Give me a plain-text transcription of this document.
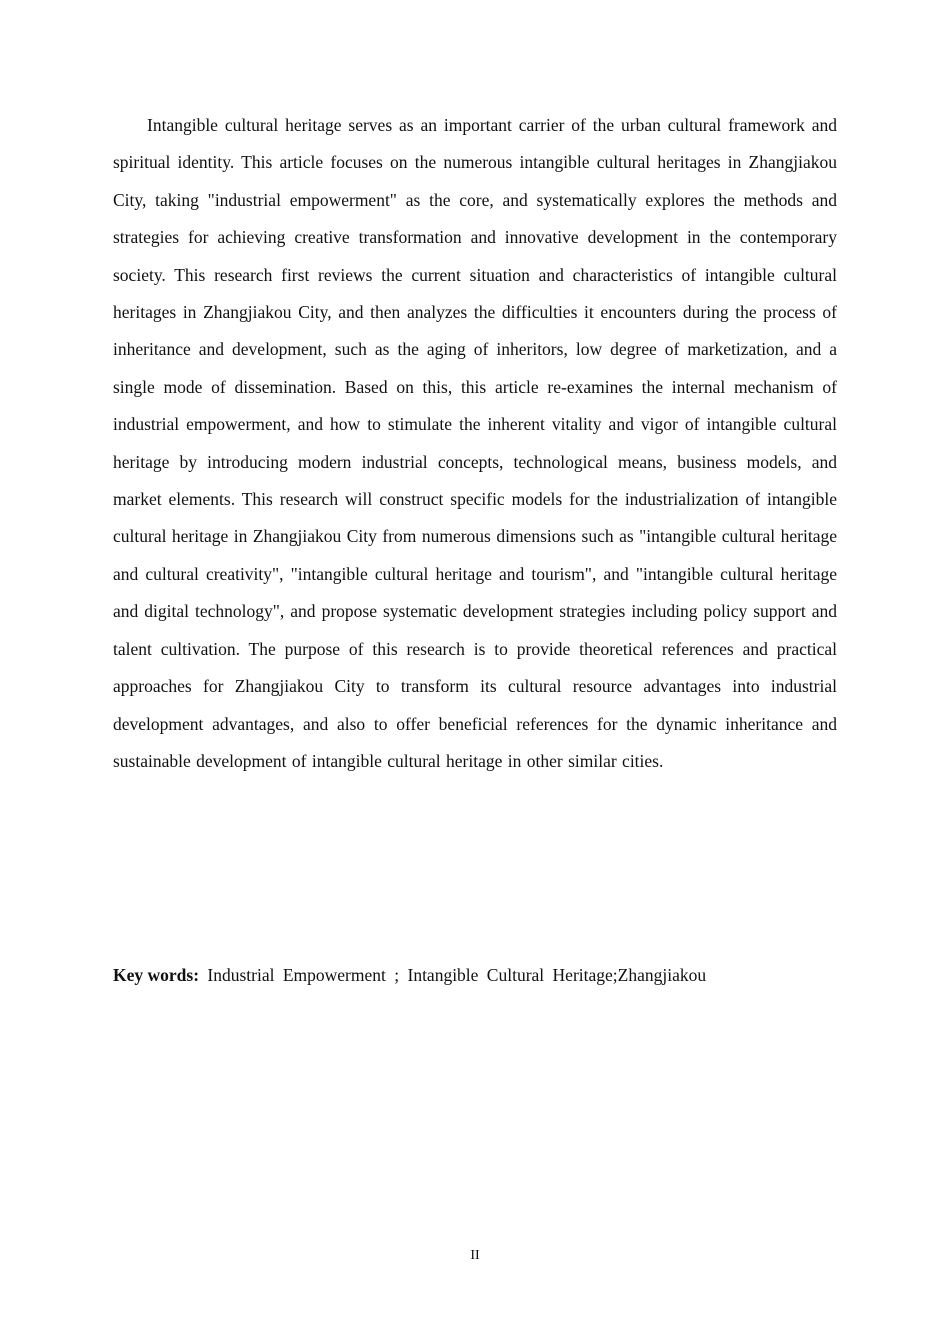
Intangible cultural heritage serves as an important carrier of the urban cultural framework and spiritual identity. This article focuses on the numerous intangible cultural heritages in Zhangjiakou City, taking "industrial empowerment" as the core, and systematically explores the methods and strategies for achieving creative transformation and innovative development in the contemporary society. This research first reviews the current situation and characteristics of intangible cultural heritages in Zhangjiakou City, and then analyzes the difficulties it encounters during the process of inheritance and development, such as the aging of inheritors, low degree of marketization, and a single mode of dissemination. Based on this, this article re-examines the internal mechanism of industrial empowerment, and how to stimulate the inherent vitality and vigor of intangible cultural heritage by introducing modern industrial concepts, technological means, business models, and market elements. This research will construct specific models for the industrialization of intangible cultural heritage in Zhangjiakou City from numerous dimensions such as "intangible cultural heritage and cultural creativity", "intangible cultural heritage and tourism", and "intangible cultural heritage and digital technology", and propose systematic development strategies including policy support and talent cultivation. The purpose of this research is to provide theoretical references and practical approaches for Zhangjiakou City to transform its cultural resource advantages into industrial development advantages, and also to offer beneficial references for the dynamic inheritance and sustainable development of intangible cultural heritage in other similar cities.

Key words: Industrial Empowerment ; Intangible Cultural Heritage;Zhangjiakou

II
